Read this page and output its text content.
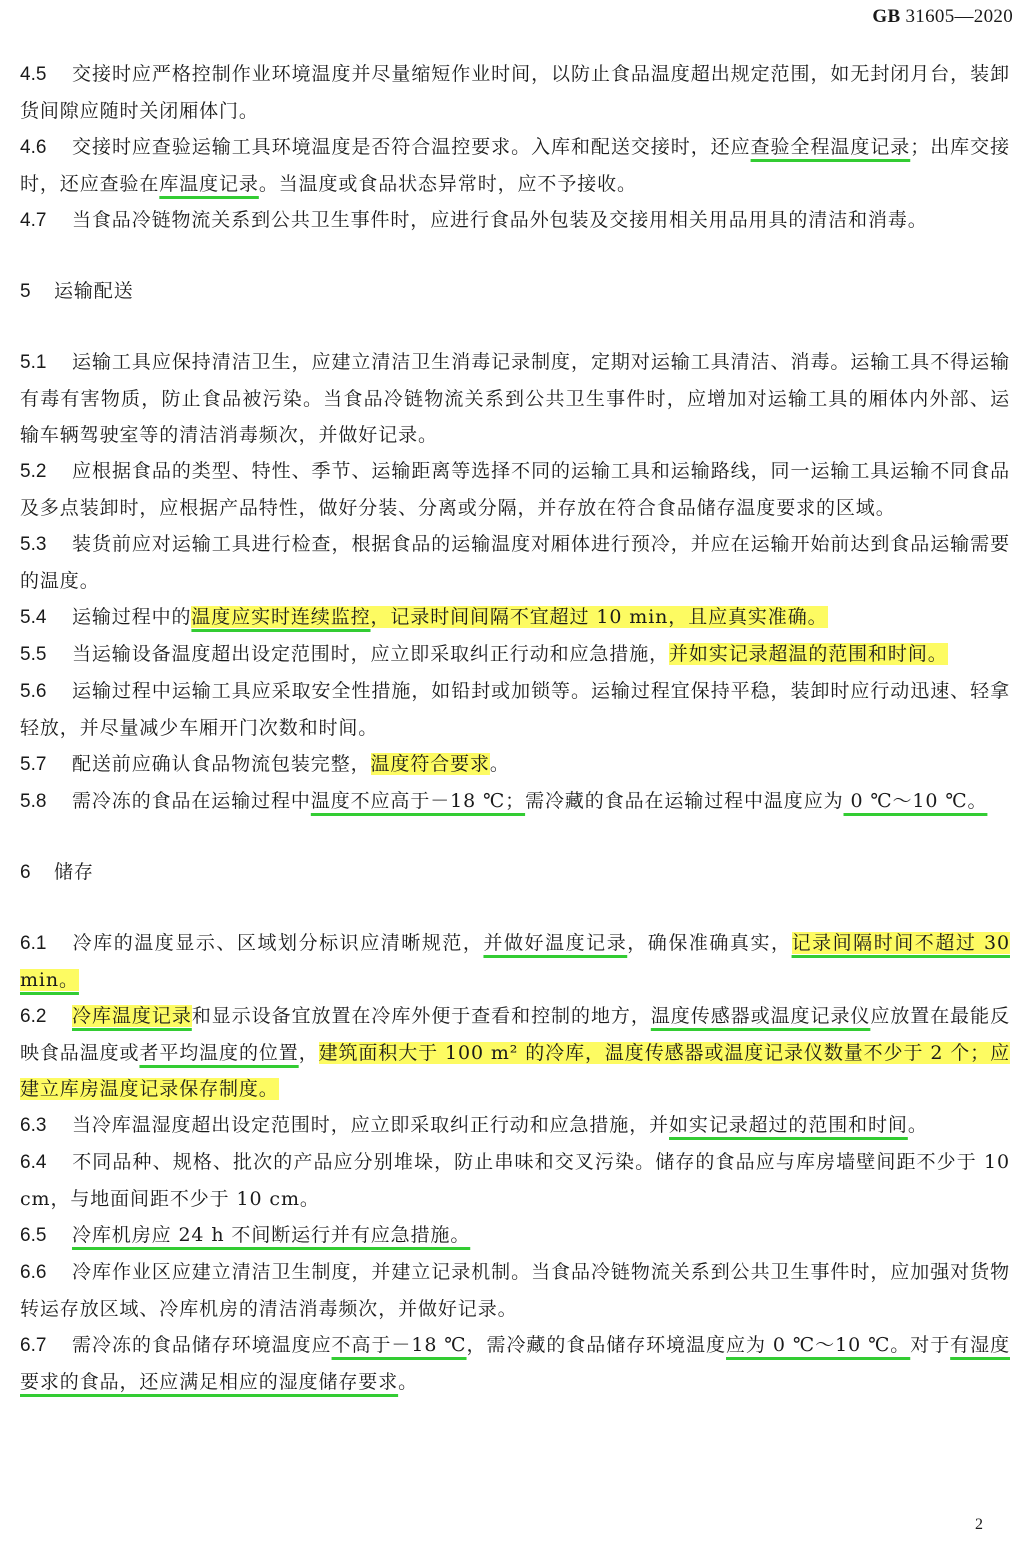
GB 31605—2020

4.5 交接时应严格控制作业环境温度并尽量缩短作业时间，以防止食品温度超出规定范围，如无封闭月台，装卸货间隙应随时关闭厢体门。

4.6 交接时应查验运输工具环境温度是否符合温控要求。入库和配送交接时，还应查验全程温度记录；出库交接时，还应查验在库温度记录。当温度或食品状态异常时，应不予接收。

4.7 当食品冷链物流关系到公共卫生事件时，应进行食品外包装及交接用相关用品用具的清洁和消毒。

5 运输配送

5.1 运输工具应保持清洁卫生，应建立清洁卫生消毒记录制度，定期对运输工具清洁、消毒。运输工具不得运输有毒有害物质，防止食品被污染。当食品冷链物流关系到公共卫生事件时，应增加对运输工具的厢体内外部、运输车辆驾驶室等的清洁消毒频次，并做好记录。

5.2 应根据食品的类型、特性、季节、运输距离等选择不同的运输工具和运输路线，同一运输工具运输不同食品及多点装卸时，应根据产品特性，做好分装、分离或分隔，并存放在符合食品储存温度要求的区域。

5.3 装货前应对运输工具进行检查，根据食品的运输温度对厢体进行预冷，并应在运输开始前达到食品运输需要的温度。

5.4 运输过程中的温度应实时连续监控，记录时间间隔不宜超过 10 min，且应真实准确。

5.5 当运输设备温度超出设定范围时，应立即采取纠正行动和应急措施，并如实记录超温的范围和时间。

5.6 运输过程中运输工具应采取安全性措施，如铅封或加锁等。运输过程宜保持平稳，装卸时应行动迅速、轻拿轻放，并尽量减少车厢开门次数和时间。

5.7 配送前应确认食品物流包装完整，温度符合要求。

5.8 需冷冻的食品在运输过程中温度不应高于－18 ℃；需冷藏的食品在运输过程中温度应为 0 ℃～10 ℃。

6 储存

6.1 冷库的温度显示、区域划分标识应清晰规范，并做好温度记录，确保准确真实，记录间隔时间不超过 30 min。

6.2 冷库温度记录和显示设备宜放置在冷库外便于查看和控制的地方，温度传感器或温度记录仪应放置在最能反映食品温度或者平均温度的位置，建筑面积大于 100 m² 的冷库，温度传感器或温度记录仪数量不少于 2 个；应建立库房温度记录保存制度。

6.3 当冷库温湿度超出设定范围时，应立即采取纠正行动和应急措施，并如实记录超过的范围和时间。

6.4 不同品种、规格、批次的产品应分别堆垛，防止串味和交叉污染。储存的食品应与库房墙壁间距不少于 10 cm，与地面间距不少于 10 cm。

6.5 冷库机房应 24 h 不间断运行并有应急措施。

6.6 冷库作业区应建立清洁卫生制度，并建立记录机制。当食品冷链物流关系到公共卫生事件时，应加强对货物转运存放区域、冷库机房的清洁消毒频次，并做好记录。

6.7 需冷冻的食品储存环境温度应不高于－18 ℃，需冷藏的食品储存环境温度应为 0 ℃～10 ℃。对于有湿度要求的食品，还应满足相应的湿度储存要求。

2
